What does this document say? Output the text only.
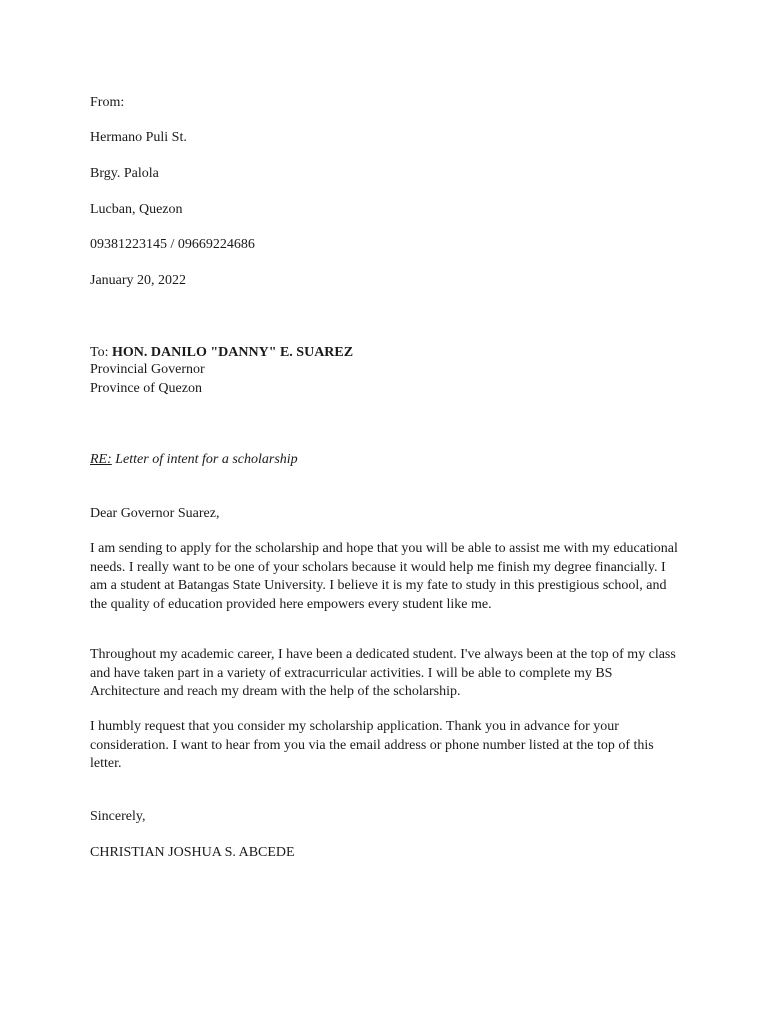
From:
Hermano Puli St.
Brgy. Palola
Lucban, Quezon
09381223145 / 09669224686
January 20, 2022
To: HON. DANILO "DANNY" E. SUAREZ
Provincial Governor
Province of Quezon
RE: Letter of intent for a scholarship
Dear Governor Suarez,
I am sending to apply for the scholarship and hope that you will be able to assist me with my educational needs. I really want to be one of your scholars because it would help me finish my degree financially. I am a student at Batangas State University. I believe it is my fate to study in this prestigious school, and the quality of education provided here empowers every student like me.
Throughout my academic career, I have been a dedicated student. I've always been at the top of my class and have taken part in a variety of extracurricular activities. I will be able to complete my BS Architecture and reach my dream with the help of the scholarship.
I humbly request that you consider my scholarship application. Thank you in advance for your consideration. I want to hear from you via the email address or phone number listed at the top of this letter.
Sincerely,
CHRISTIAN JOSHUA S. ABCEDE
